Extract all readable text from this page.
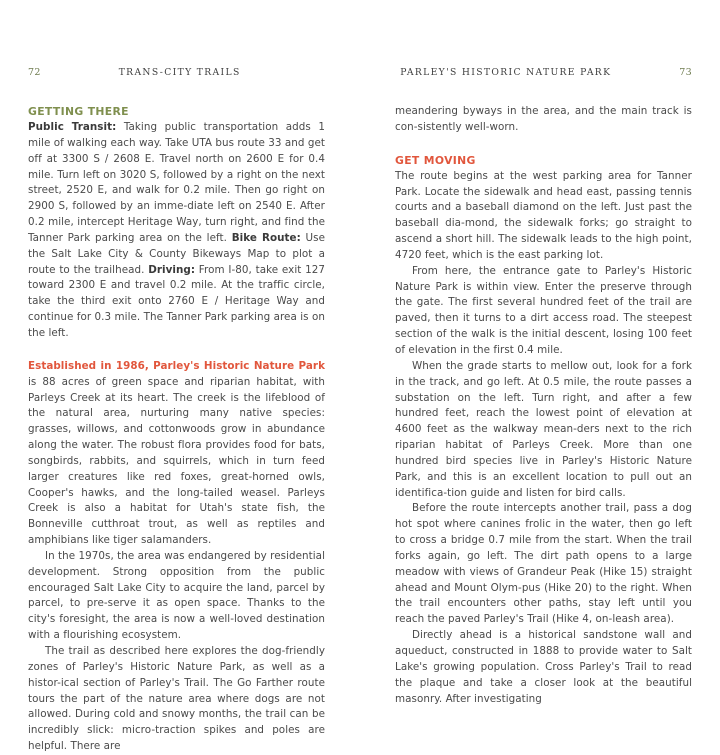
72	TRANS-CITY TRAILS	PARLEY'S HISTORIC NATURE PARK	73
GETTING THERE

Public Transit: Taking public transportation adds 1 mile of walking each way. Take UTA bus route 33 and get off at 3300 S / 2608 E. Travel north on 2600 E for 0.4 mile. Turn left on 3020 S, followed by a right on the next street, 2520 E, and walk for 0.2 mile. Then go right on 2900 S, followed by an imme-diate left on 2540 E. After 0.2 mile, intercept Heritage Way, turn right, and find the Tanner Park parking area on the left. Bike Route: Use the Salt Lake City & County Bikeways Map to plot a route to the trailhead. Driving: From I-80, take exit 127 toward 2300 E and travel 0.2 mile. At the traffic circle, take the third exit onto 2760 E / Heritage Way and continue for 0.3 mile. The Tanner Park parking area is on the left.

Established in 1986, Parley's Historic Nature Park is 88 acres of green space and riparian habitat, with Parleys Creek at its heart. The creek is the lifeblood of the natural area, nurturing many native species: grasses, willows, and cottonwoods grow in abundance along the water. The robust flora provides food for bats, songbirds, rabbits, and squirrels, which in turn feed larger creatures like red foxes, great-horned owls, Cooper's hawks, and the long-tailed weasel. Parleys Creek is also a habitat for Utah's state fish, the Bonneville cutthroat trout, as well as reptiles and amphibians like tiger salamanders.

In the 1970s, the area was endangered by residential development. Strong opposition from the public encouraged Salt Lake City to acquire the land, parcel by parcel, to pre-serve it as open space. Thanks to the city's foresight, the area is now a well-loved destination with a flourishing ecosystem.

The trail as described here explores the dog-friendly zones of Parley's Historic Nature Park, as well as a histor-ical section of Parley's Trail. The Go Farther route tours the part of the nature area where dogs are not allowed. During cold and snowy months, the trail can be incredibly slick: micro-traction spikes and poles are helpful. There are

meandering byways in the area, and the main track is con-sistently well-worn.

GET MOVING

The route begins at the west parking area for Tanner Park. Locate the sidewalk and head east, passing tennis courts and a baseball diamond on the left. Just past the baseball dia-mond, the sidewalk forks; go straight to ascend a short hill. The sidewalk leads to the high point, 4720 feet, which is the east parking lot.

From here, the entrance gate to Parley's Historic Nature Park is within view. Enter the preserve through the gate. The first several hundred feet of the trail are paved, then it turns to a dirt access road. The steepest section of the walk is the initial descent, losing 100 feet of elevation in the first 0.4 mile.

When the grade starts to mellow out, look for a fork in the track, and go left. At 0.5 mile, the route passes a substation on the left. Turn right, and after a few hundred feet, reach the lowest point of elevation at 4600 feet as the walkway mean-ders next to the rich riparian habitat of Parleys Creek. More than one hundred bird species live in Parley's Historic Nature Park, and this is an excellent location to pull out an identifica-tion guide and listen for bird calls.

Before the route intercepts another trail, pass a dog hot spot where canines frolic in the water, then go left to cross a bridge 0.7 mile from the start. When the trail forks again, go left. The dirt path opens to a large meadow with views of Grandeur Peak (Hike 15) straight ahead and Mount Olym-pus (Hike 20) to the right. When the trail encounters other paths, stay left until you reach the paved Parley's Trail (Hike 4, on-leash area).

Directly ahead is a historical sandstone wall and aqueduct, constructed in 1888 to provide water to Salt Lake's growing population. Cross Parley's Trail to read the plaque and take a closer look at the beautiful masonry. After investigating
